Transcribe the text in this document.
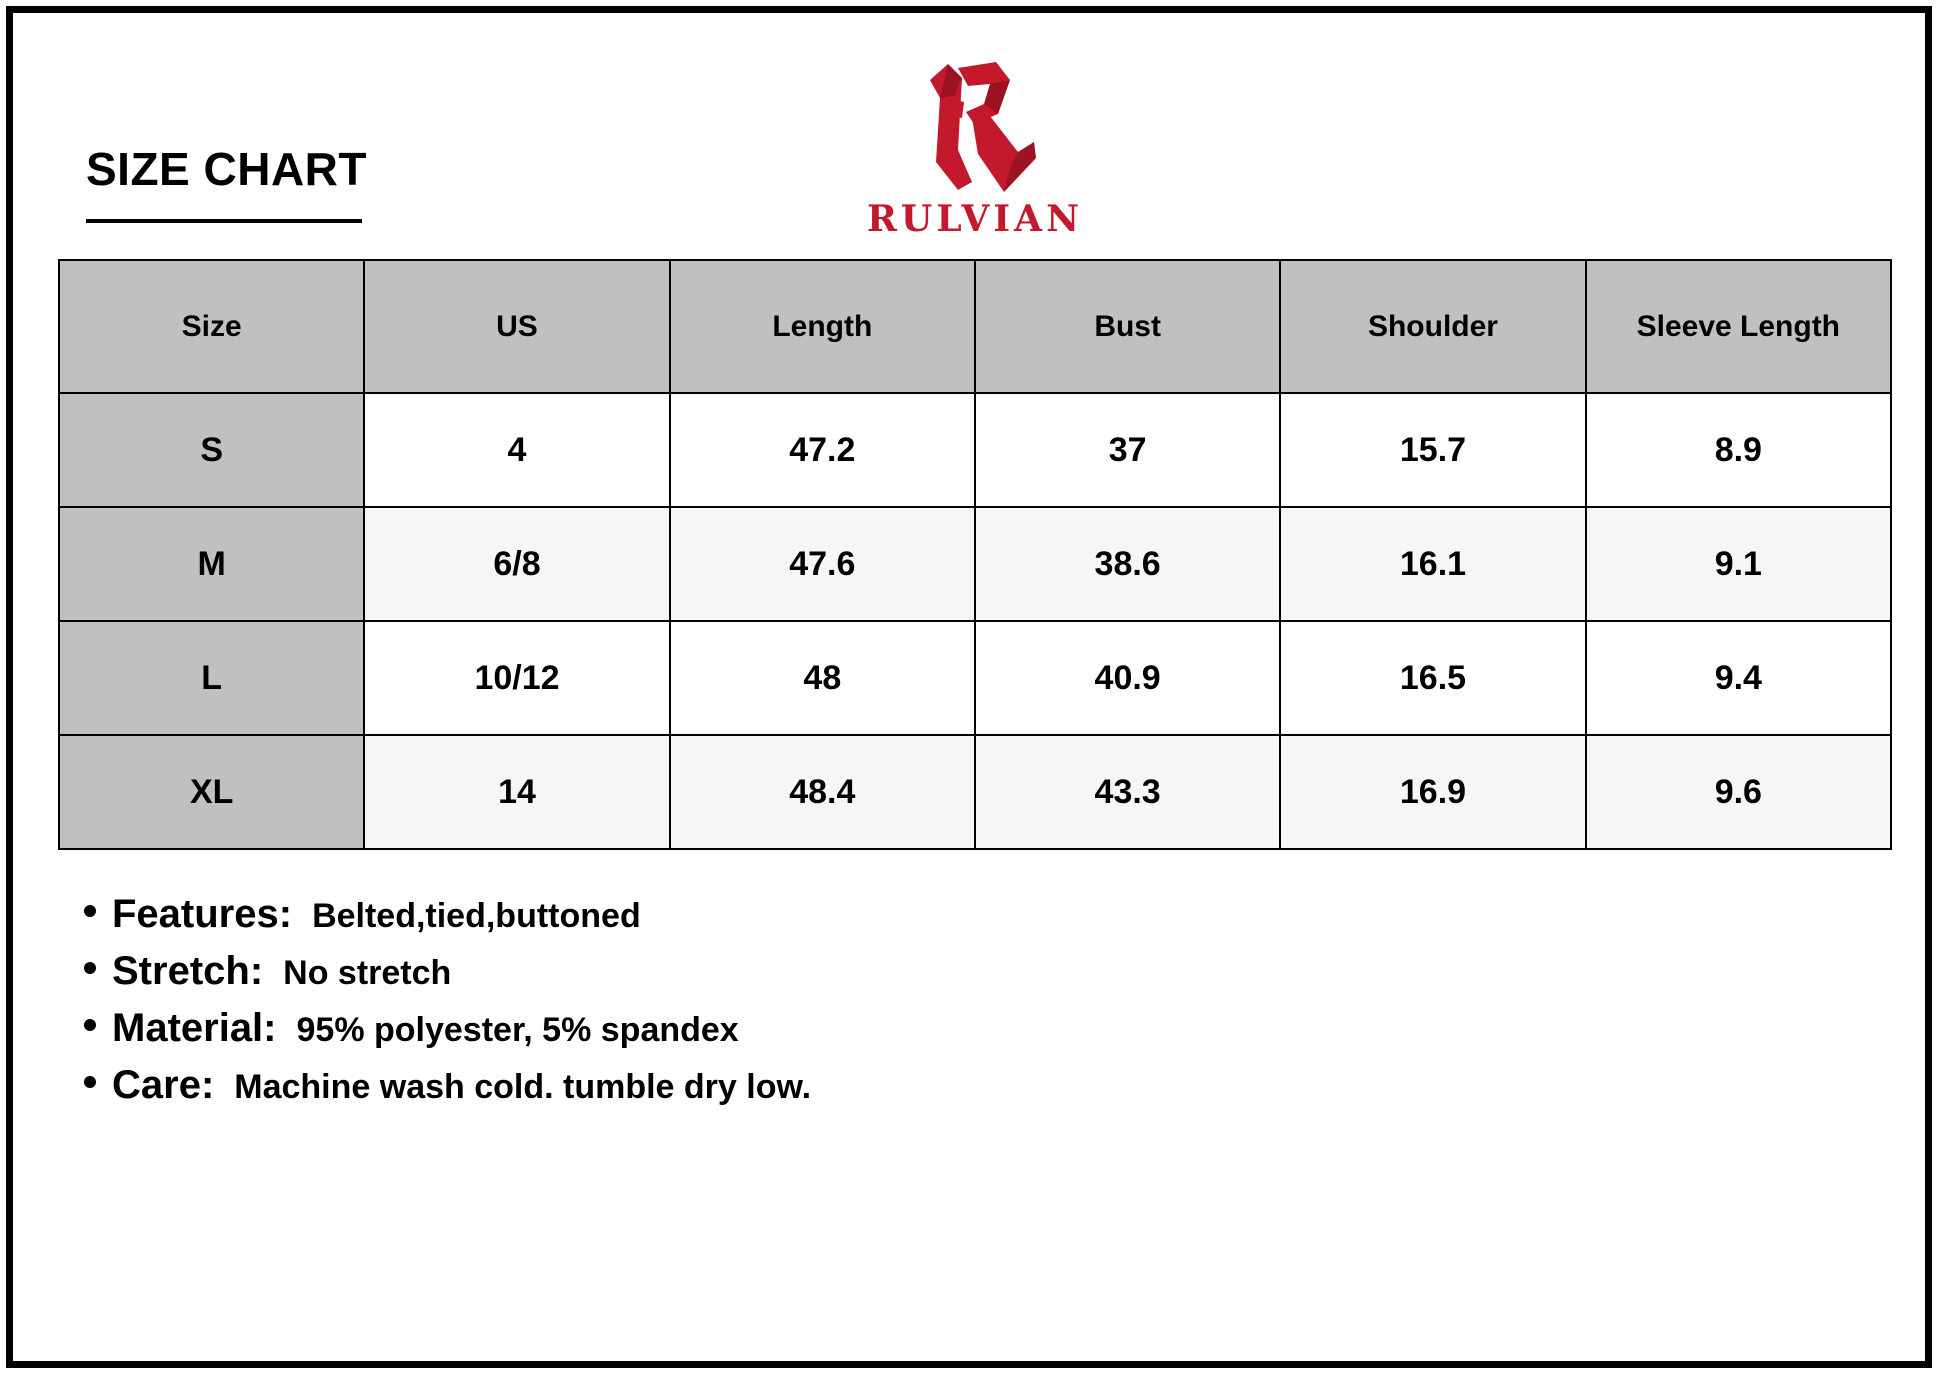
SIZE CHART
RULVIAN
Size	US	Length	Bust	Shoulder	Sleeve Length
S	4	47.2	37	15.7	8.9
M	6/8	47.6	38.6	16.1	9.1
L	10/12	48	40.9	16.5	9.4
XL	14	48.4	43.3	16.9	9.6
Features: Belted,tied,buttoned
Stretch: No stretch
Material: 95% polyester, 5% spandex
Care: Machine wash cold. tumble dry low.
